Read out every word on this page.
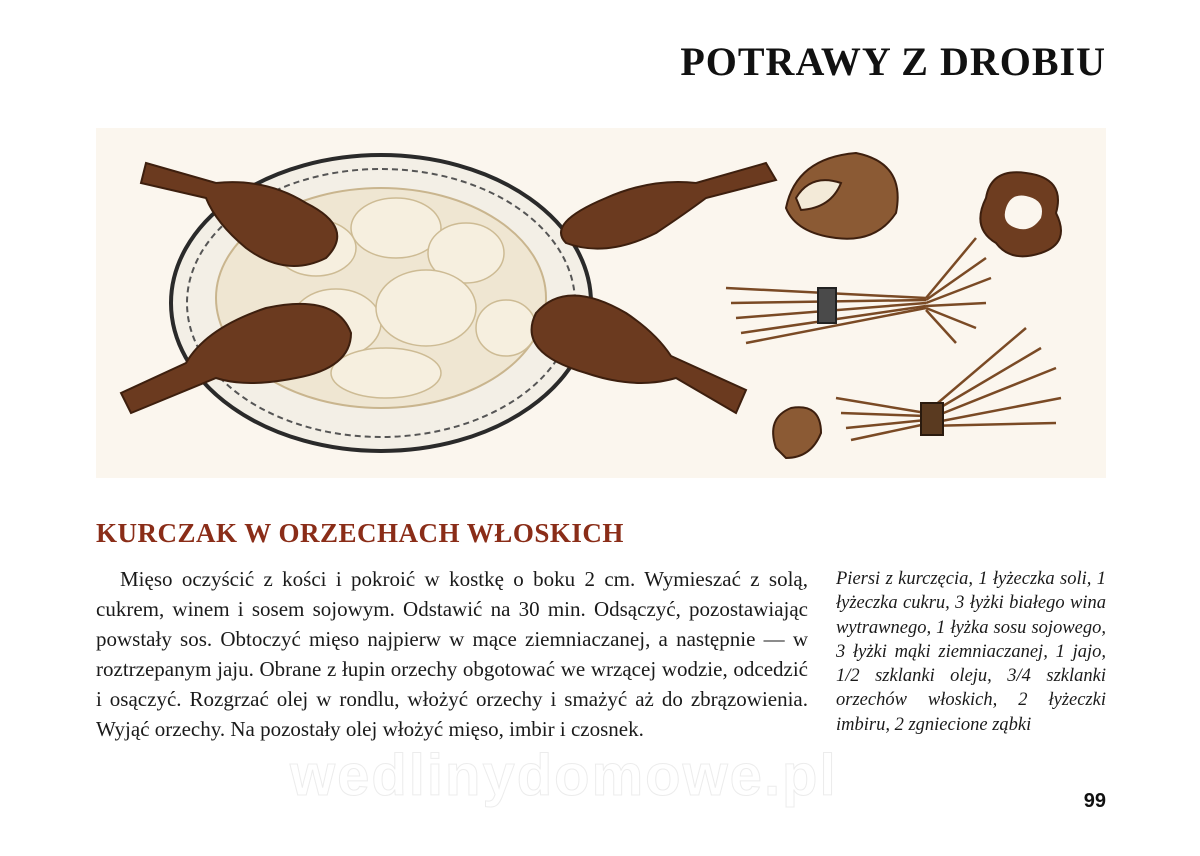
POTRAWY Z DROBIU
KURCZAK W ORZECHACH WŁOSKICH

Mięso oczyścić z kości i pokroić w kostkę o boku 2 cm. Wymieszać z solą, cukrem, winem i sosem sojowym. Odstawić na 30 min. Odsączyć, pozostawiając powstały sos. Obtoczyć mięso najpierw w mące ziemniaczanej, a następnie — w roztrzepanym jaju. Obrane z łupin orzechy obgotować we wrzącej wodzie, odcedzić i osączyć. Rozgrzać olej w rondlu, włożyć orzechy i smażyć aż do zbrązowienia. Wyjąć orzechy. Na pozostały olej włożyć mięso, imbir i czosnek.

Piersi z kurczęcia, 1 łyżeczka soli, 1 łyżeczka cukru, 3 łyżki białego wina wytrawnego, 1 łyżka sosu sojowego, 3 łyżki mąki ziemniaczanej, 1 jajo, 1/2 szklanki oleju, 3/4 szklanki orzechów włoskich, 2 łyżeczki imbiru, 2 zgniecione ząbki

wedlinydomowe.pl	99
